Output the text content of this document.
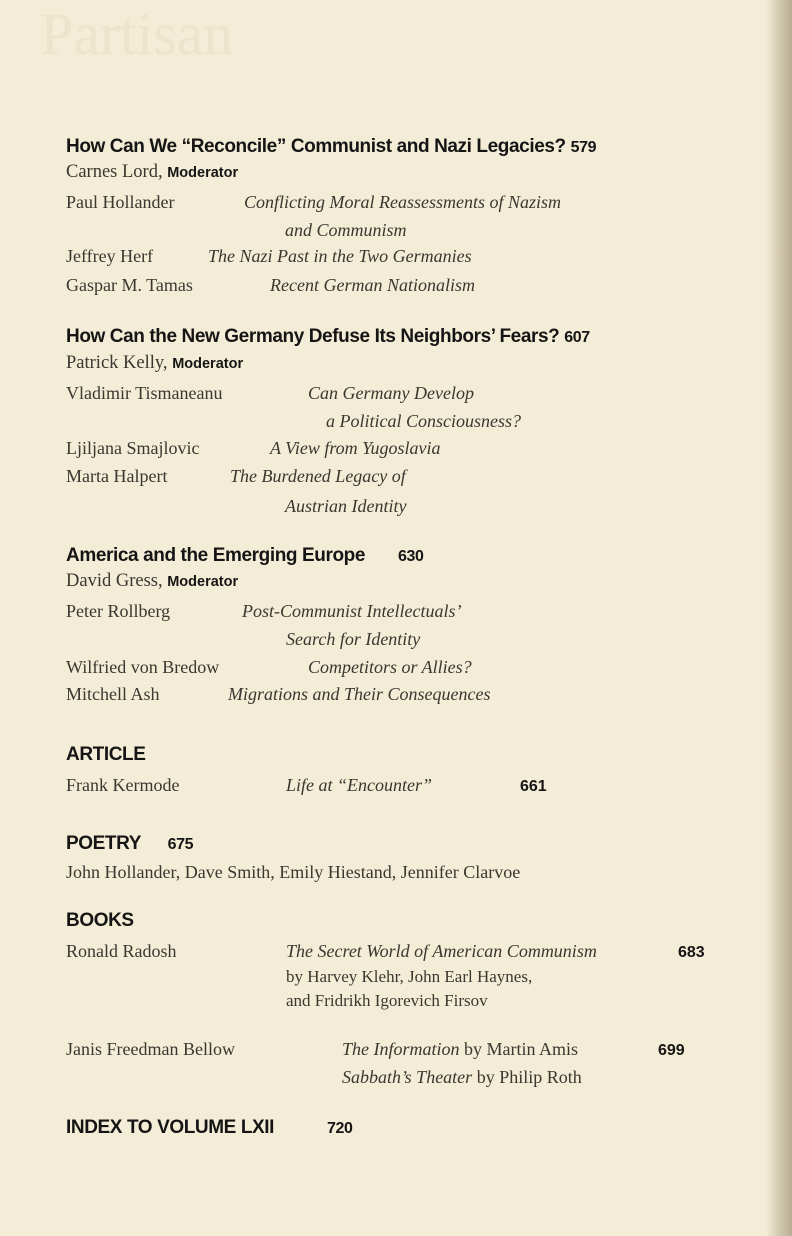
Partisan
How Can We “Reconcile” Communist and Nazi Legacies? 579
Carnes Lord, Moderator
Paul Hollander	Conflicting Moral Reassessments of Nazism
and Communism
Jeffrey Herf	The Nazi Past in the Two Germanies
Gaspar M. Tamas	Recent German Nationalism
How Can the New Germany Defuse Its Neighbors’ Fears? 607
Patrick Kelly, Moderator
Vladimir Tismaneanu	Can Germany Develop
a Political Consciousness?
Ljiljana Smajlovic	A View from Yugoslavia
Marta Halpert	The Burdened Legacy of
Austrian Identity
America and the Emerging Europe 630
David Gress, Moderator
Peter Rollberg	Post-Communist Intellectuals’
Search for Identity
Wilfried von Bredow	Competitors or Allies?
Mitchell Ash	Migrations and Their Consequences
ARTICLE
Frank Kermode	Life at “Encounter”	661
POETRY 675
John Hollander, Dave Smith, Emily Hiestand, Jennifer Clarvoe
BOOKS
Ronald Radosh	The Secret World of American Communism	683
by Harvey Klehr, John Earl Haynes,
and Fridrikh Igorevich Firsov
Janis Freedman Bellow	The Information by Martin Amis	699
Sabbath’s Theater by Philip Roth
INDEX TO VOLUME LXII	720
